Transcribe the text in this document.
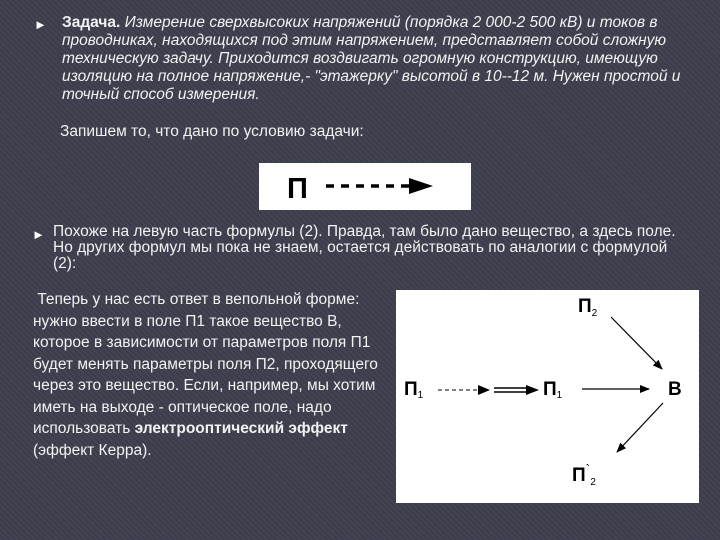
► Задача. Измерение сверхвысоких напряжений (порядка 2 000-2 500 кВ) и токов в проводниках, находящихся под этим напряжением, представляет собой сложную техническую задачу. Приходится воздвигать огромную конструкцию, имеющую изоляцию на полное напряжение,- "этажерку" высотой в 10--12 м. Нужен простой и точный способ измерения.
Запишем то, что дано по условию задачи:
П
► Похоже на левую часть формулы (2). Правда, там было дано вещество, а здесь поле. Но других формул мы пока не знаем, остается действовать по аналогии с формулой (2):
Теперь у нас есть ответ в вепольной форме: нужно ввести в поле П1 такое вещество В, которое в зависимости от параметров поля П1 будет менять параметры поля П2, проходящего через это вещество. Если, например, мы хотим иметь на выходе - оптическое поле, надо использовать электрооптический эффект (эффект Керра).
$П_2$
П1	П1	В
$П^`_2$
